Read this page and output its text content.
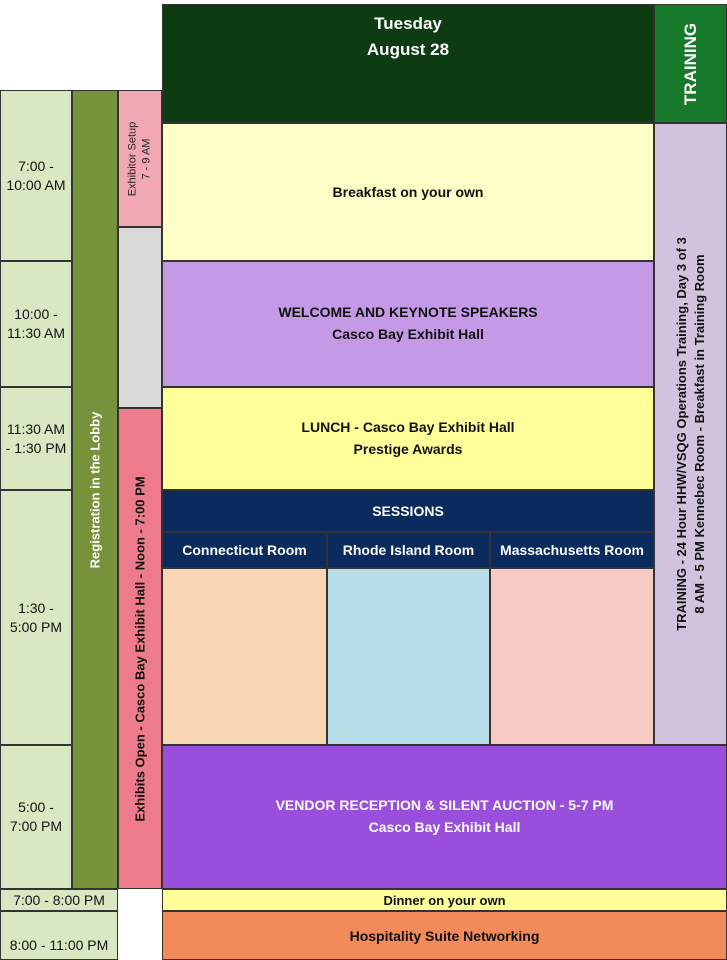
Tuesday
August 28	TRAINING
7:00 -
10:00 AM
10:00 -
11:30 AM
11:30 AM
- 1:30 PM
1:30 -
5:00 PM
5:00 -
7:00 PM
7:00 - 8:00 PM
8:00 - 11:00 PM
Registration in the Lobby
Exhibitor Setup 7 - 9 AM
Exhibits Open - Casco Bay Exhibit Hall - Noon - 7:00 PM
Breakfast on your own
WELCOME AND KEYNOTE SPEAKERS
Casco Bay Exhibit Hall
LUNCH - Casco Bay Exhibit Hall
Prestige Awards
SESSIONS
Connecticut Room	Rhode Island Room Massachusetts Room TRAINING - 24 Hour HHW/VSQG Operations Training, Day 3 of 3 8 AM - 5 PM Kennebec Room - Breakfast in Training Room
VENDOR RECEPTION & SILENT AUCTION - 5-7 PM
Casco Bay Exhibit Hall
Dinner on your own
Hospitality Suite Networking
